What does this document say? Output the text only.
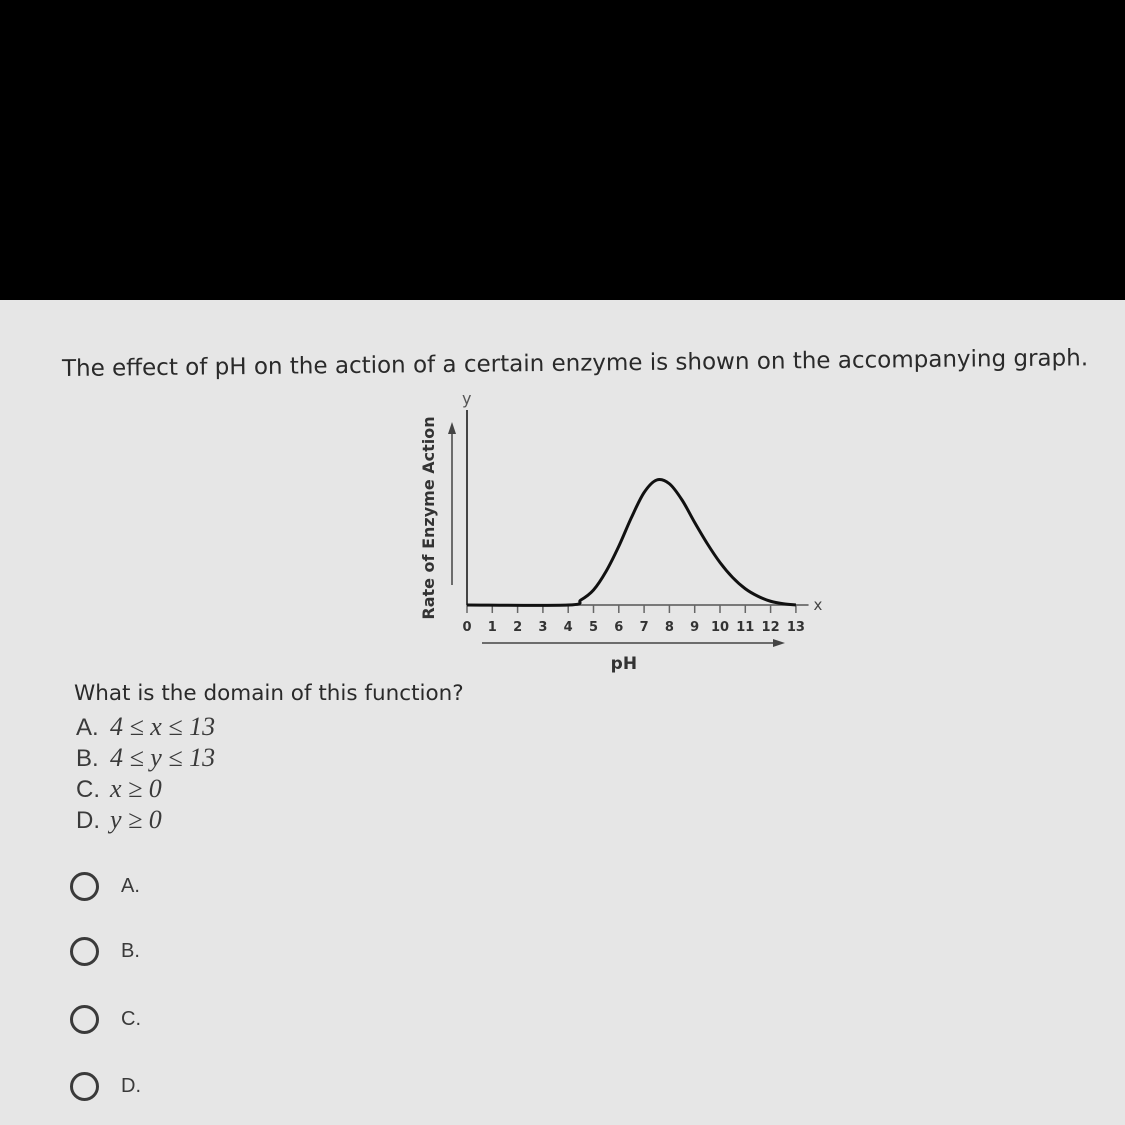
The effect of pH on the action of a certain enzyme is shown on the accompanying graph.
y
x
0 1 2 3 4 5 6 7 8 9 10 11 12 13
pH
Rate of Enzyme Action
What is the domain of this function?
A. 4 ≤ x ≤ 13
B. 4 ≤ y ≤ 13
C. x ≥ 0
D. y ≥ 0
A.
B.
C.
D.
